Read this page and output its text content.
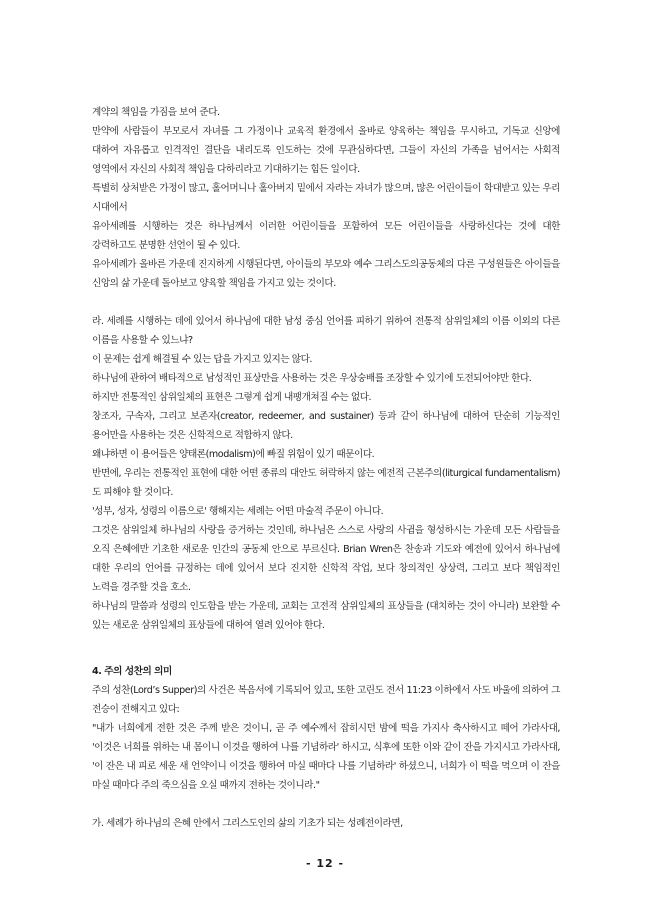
계약의 책임을 가짐을 보여 준다.

만약에 사람들이 부모로서 자녀를 그 가정이나 교육적 환경에서 올바로 양육하는 책임을 무시하고, 기독교 신앙에 대하여 자유롭고 인격적인 결단을 내리도록 인도하는 것에 무관심하다면, 그들이 자신의 가족을 넘어서는 사회적 영역에서 자신의 사회적 책임을 다하리라고 기대하기는 힘든 일이다.

특별히 상처받은 가정이 많고, 홀어머니나 홀아버지 밑에서 자라는 자녀가 많으며, 많은 어린이들이 학대받고 있는 우리 시대에서

유아세례를 시행하는 것은 하나님께서 이러한 어린이들을 포함하여 모든 어린이들을 사랑하신다는 것에 대한 강력하고도 분명한 선언이 될 수 있다.

유아세례가 올바른 가운데 진지하게 시행된다면, 아이들의 부모와 예수 그리스도의공동체의 다른 구성원들은 아이들을 신앙의 삶 가운데 돌아보고 양육할 책임을 가지고 있는 것이다.

라. 세례를 시행하는 데에 있어서 하나님에 대한 남성 중심 언어를 피하기 위하여 전통적 삼위일체의 이름 이외의 다른 이름을 사용할 수 있느냐?

이 문제는 쉽게 해결될 수 있는 답을 가지고 있지는 않다.

하나님에 관하여 배타적으로 남성적인 표상만을 사용하는 것은 우상숭배를 조장할 수 있기에 도전되어야만 한다.

하지만 전통적인 삼위일체의 표현은 그렇게 쉽게 내팽개쳐질 수는 없다.

창조자, 구속자, 그리고 보존자(creator, redeemer, and sustainer) 등과 같이 하나님에 대하여 단순히 기능적인 용어만을 사용하는 것은 신학적으로 적합하지 않다.

왜냐하면 이 용어들은 양태론(modalism)에 빠질 위험이 있기 때문이다.

반면에, 우리는 전통적인 표현에 대한 어떤 종류의 대안도 허락하지 않는 예전적 근본주의(liturgical fundamentalism)도 피해야 할 것이다.

'성부, 성자, 성령의 이름으로' 행해지는 세례는 어떤 마술적 주문이 아니다.

그것은 삼위일체 하나님의 사랑을 증거하는 것인데, 하나님은 스스로 사랑의 사귐을 형성하시는 가운데 모든 사람들을 오직 은혜에만 기초한 새로운 인간의 공동체 안으로 부르신다. Brian Wren은 찬송과 기도와 예전에 있어서 하나님에 대한 우리의 언어를 규정하는 데에 있어서 보다 진지한 신학적 작업, 보다 창의적인 상상력, 그리고 보다 책임적인 노력을 경주할 것을 호소.

하나님의 말씀과 성령의 인도함을 받는 가운데, 교회는 고전적 삼위일체의 표상들을 (대치하는 것이 아니라) 보완할 수 있는 새로운 삼위일체의 표상들에 대하여 열려 있어야 한다.

4. 주의 성찬의 의미

주의 성찬(Lord’s Supper)의 사건은 복음서에 기록되어 있고, 또한 고린도 전서 11:23 이하에서 사도 바울에 의하여 그 전승이 전해지고 있다:

"내가 너희에게 전한 것은 주께 받은 것이니, 곧 주 예수께서 잡히시던 밤에 떡을 가지사 축사하시고 떼어 가라사대, '이것은 너희를 위하는 내 몸이니 이것을 행하여 나를 기념하라' 하시고, 식후에 또한 이와 같이 잔을 가지시고 가라사대, '이 잔은 내 피로 세운 새 언약이니 이것을 행하여 마실 때마다 나를 기념하라' 하셨으니, 너희가 이 떡을 먹으며 이 잔을 마실 때마다 주의 죽으심을 오실 때까지 전하는 것이니라."

가. 세례가 하나님의 은혜 안에서 그리스도인의 삶의 기초가 되는 성례전이라면,

- 12 -
